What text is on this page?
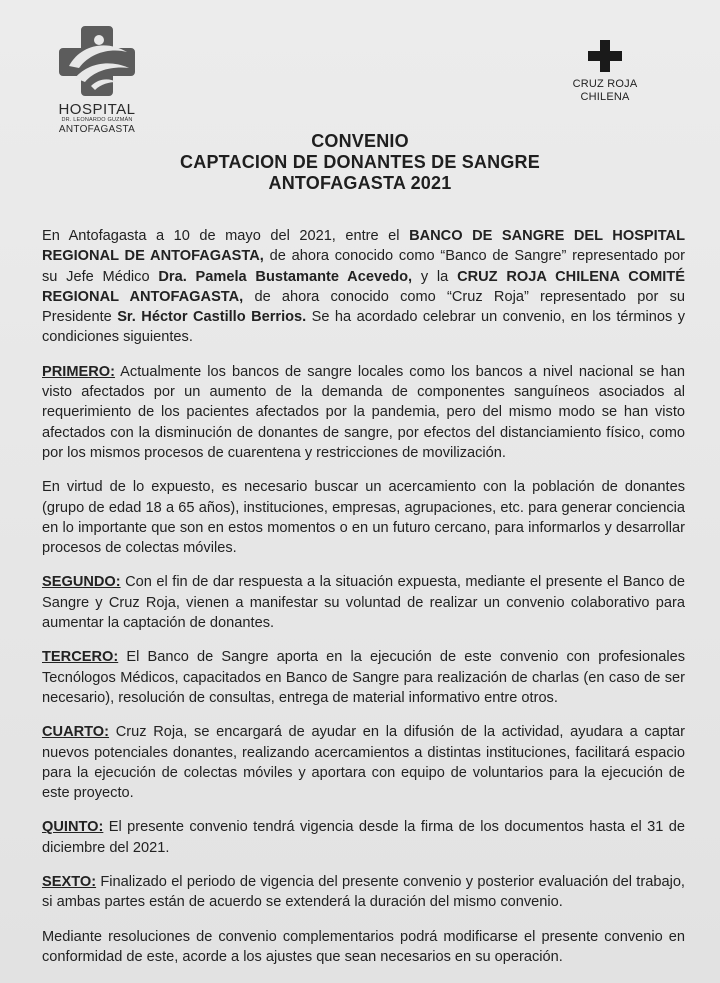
HOSPITAL
DR. LEONARDO GUZMÁN
ANTOFAGASTA
CRUZ ROJA
CHILENA
CONVENIO
CAPTACION DE DONANTES DE SANGRE
ANTOFAGASTA 2021

En Antofagasta a 10 de mayo del 2021, entre el BANCO DE SANGRE DEL HOSPITAL REGIONAL DE ANTOFAGASTA, de ahora conocido como “Banco de Sangre” representado por su Jefe Médico Dra. Pamela Bustamante Acevedo, y la CRUZ ROJA CHILENA COMITÉ REGIONAL ANTOFAGASTA, de ahora conocido como “Cruz Roja” representado por su Presidente Sr. Héctor Castillo Berrios. Se ha acordado celebrar un convenio, en los términos y condiciones siguientes.

PRIMERO: Actualmente los bancos de sangre locales como los bancos a nivel nacional se han visto afectados por un aumento de la demanda de componentes sanguíneos asociados al requerimiento de los pacientes afectados por la pandemia, pero del mismo modo se han visto afectados con la disminución de donantes de sangre, por efectos del distanciamiento físico, como por los mismos procesos de cuarentena y restricciones de movilización.

En virtud de lo expuesto, es necesario buscar un acercamiento con la población de donantes (grupo de edad 18 a 65 años), instituciones, empresas, agrupaciones, etc. para generar conciencia en lo importante que son en estos momentos o en un futuro cercano, para informarlos y desarrollar procesos de colectas móviles.

SEGUNDO: Con el fin de dar respuesta a la situación expuesta, mediante el presente el Banco de Sangre y Cruz Roja, vienen a manifestar su voluntad de realizar un convenio colaborativo para aumentar la captación de donantes.

TERCERO: El Banco de Sangre aporta en la ejecución de este convenio con profesionales Tecnólogos Médicos, capacitados en Banco de Sangre para realización de charlas (en caso de ser necesario), resolución de consultas, entrega de material informativo entre otros.

CUARTO: Cruz Roja, se encargará de ayudar en la difusión de la actividad, ayudara a captar nuevos potenciales donantes, realizando acercamientos a distintas instituciones, facilitará espacio para la ejecución de colectas móviles y aportara con equipo de voluntarios para la ejecución de este proyecto.

QUINTO: El presente convenio tendrá vigencia desde la firma de los documentos hasta el 31 de diciembre del 2021.

SEXTO: Finalizado el periodo de vigencia del presente convenio y posterior evaluación del trabajo, si ambas partes están de acuerdo se extenderá la duración del mismo convenio.

Mediante resoluciones de convenio complementarios podrá modificarse el presente convenio en conformidad de este, acorde a los ajustes que sean necesarios en su operación.
